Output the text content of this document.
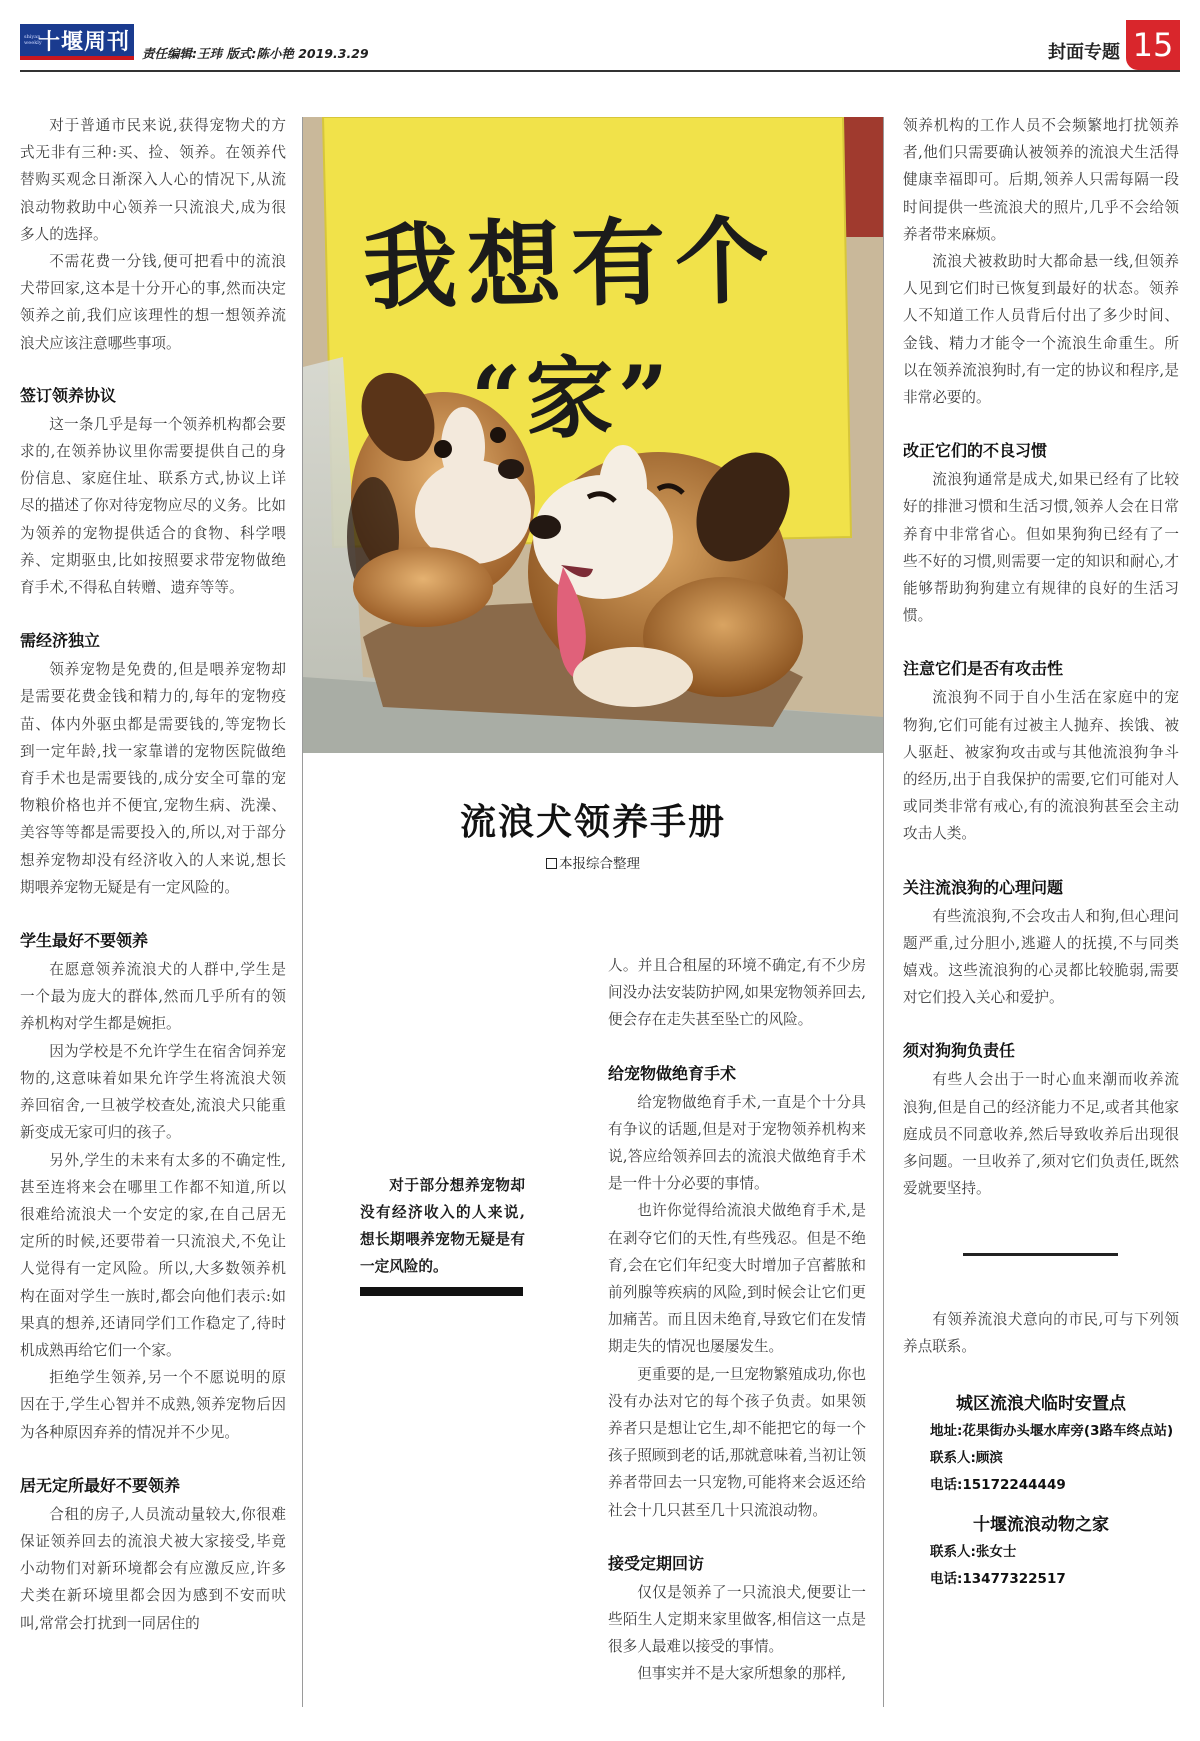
shiyan weekly
十堰周刊 责任编辑:王玮 版式:陈小艳 2019.3.29	封面专题 15

对于普通市民来说,获得宠物犬的方式无非有三种:买、捡、领养。在领养代替购买观念日渐深入人心的情况下,从流浪动物救助中心领养一只流浪犬,成为很多人的选择。

不需花费一分钱,便可把看中的流浪犬带回家,这本是十分开心的事,然而决定领养之前,我们应该理性的想一想领养流浪犬应该注意哪些事项。

签订领养协议

这一条几乎是每一个领养机构都会要求的,在领养协议里你需要提供自己的身份信息、家庭住址、联系方式,协议上详尽的描述了你对待宠物应尽的义务。比如为领养的宠物提供适合的食物、科学喂养、定期驱虫,比如按照要求带宠物做绝育手术,不得私自转赠、遗弃等等。

需经济独立

领养宠物是免费的,但是喂养宠物却是需要花费金钱和精力的,每年的宠物疫苗、体内外驱虫都是需要钱的,等宠物长到一定年龄,找一家靠谱的宠物医院做绝育手术也是需要钱的,成分安全可靠的宠物粮价格也并不便宜,宠物生病、洗澡、美容等等都是需要投入的,所以,对于部分想养宠物却没有经济收入的人来说,想长期喂养宠物无疑是有一定风险的。

学生最好不要领养

在愿意领养流浪犬的人群中,学生是一个最为庞大的群体,然而几乎所有的领养机构对学生都是婉拒。

因为学校是不允许学生在宿舍饲养宠物的,这意味着如果允许学生将流浪犬领养回宿舍,一旦被学校查处,流浪犬只能重新变成无家可归的孩子。

另外,学生的未来有太多的不确定性,甚至连将来会在哪里工作都不知道,所以很难给流浪犬一个安定的家,在自己居无定所的时候,还要带着一只流浪犬,不免让人觉得有一定风险。所以,大多数领养机构在面对学生一族时,都会向他们表示:如果真的想养,还请同学们工作稳定了,待时机成熟再给它们一个家。

拒绝学生领养,另一个不愿说明的原因在于,学生心智并不成熟,领养宠物后因为各种原因弃养的情况并不少见。

居无定所最好不要领养

合租的房子,人员流动量较大,你很难保证领养回去的流浪犬被大家接受,毕竟小动物们对新环境都会有应激反应,许多犬类在新环境里都会因为感到不安而吠叫,常常会打扰到一同居住的

我想有个
“家”
流浪犬领养手册
本报综合整理
对于部分想养宠物却没有经济收入的人来说,想长期喂养宠物无疑是有一定风险的。

人。并且合租屋的环境不确定,有不少房间没办法安装防护网,如果宠物领养回去,便会存在走失甚至坠亡的风险。

给宠物做绝育手术

给宠物做绝育手术,一直是个十分具有争议的话题,但是对于宠物领养机构来说,答应给领养回去的流浪犬做绝育手术是一件十分必要的事情。

也许你觉得给流浪犬做绝育手术,是在剥夺它们的天性,有些残忍。但是不绝育,会在它们年纪变大时增加子宫蓄脓和前列腺等疾病的风险,到时候会让它们更加痛苦。而且因未绝育,导致它们在发情期走失的情况也屡屡发生。

更重要的是,一旦宠物繁殖成功,你也没有办法对它的每个孩子负责。如果领养者只是想让它生,却不能把它的每一个孩子照顾到老的话,那就意味着,当初让领养者带回去一只宠物,可能将来会返还给社会十几只甚至几十只流浪动物。

接受定期回访

仅仅是领养了一只流浪犬,便要让一些陌生人定期来家里做客,相信这一点是很多人最难以接受的事情。

但事实并不是大家所想象的那样,

领养机构的工作人员不会频繁地打扰领养者,他们只需要确认被领养的流浪犬生活得健康幸福即可。后期,领养人只需每隔一段时间提供一些流浪犬的照片,几乎不会给领养者带来麻烦。

流浪犬被救助时大都命悬一线,但领养人见到它们时已恢复到最好的状态。领养人不知道工作人员背后付出了多少时间、金钱、精力才能令一个流浪生命重生。所以在领养流浪狗时,有一定的协议和程序,是非常必要的。

改正它们的不良习惯

流浪狗通常是成犬,如果已经有了比较好的排泄习惯和生活习惯,领养人会在日常养育中非常省心。但如果狗狗已经有了一些不好的习惯,则需要一定的知识和耐心,才能够帮助狗狗建立有规律的良好的生活习惯。

注意它们是否有攻击性

流浪狗不同于自小生活在家庭中的宠物狗,它们可能有过被主人抛弃、挨饿、被人驱赶、被家狗攻击或与其他流浪狗争斗的经历,出于自我保护的需要,它们可能对人或同类非常有戒心,有的流浪狗甚至会主动攻击人类。

关注流浪狗的心理问题

有些流浪狗,不会攻击人和狗,但心理问题严重,过分胆小,逃避人的抚摸,不与同类嬉戏。这些流浪狗的心灵都比较脆弱,需要对它们投入关心和爱护。

须对狗狗负责任

有些人会出于一时心血来潮而收养流浪狗,但是自己的经济能力不足,或者其他家庭成员不同意收养,然后导致收养后出现很多问题。一旦收养了,须对它们负责任,既然爱就要坚持。

有领养流浪犬意向的市民,可与下列领养点联系。

城区流浪犬临时安置点
地址:花果街办头堰水库旁(3路车终点站)
联系人:顾滨
电话:15172244449
十堰流浪动物之家
联系人:张女士
电话:13477322517
